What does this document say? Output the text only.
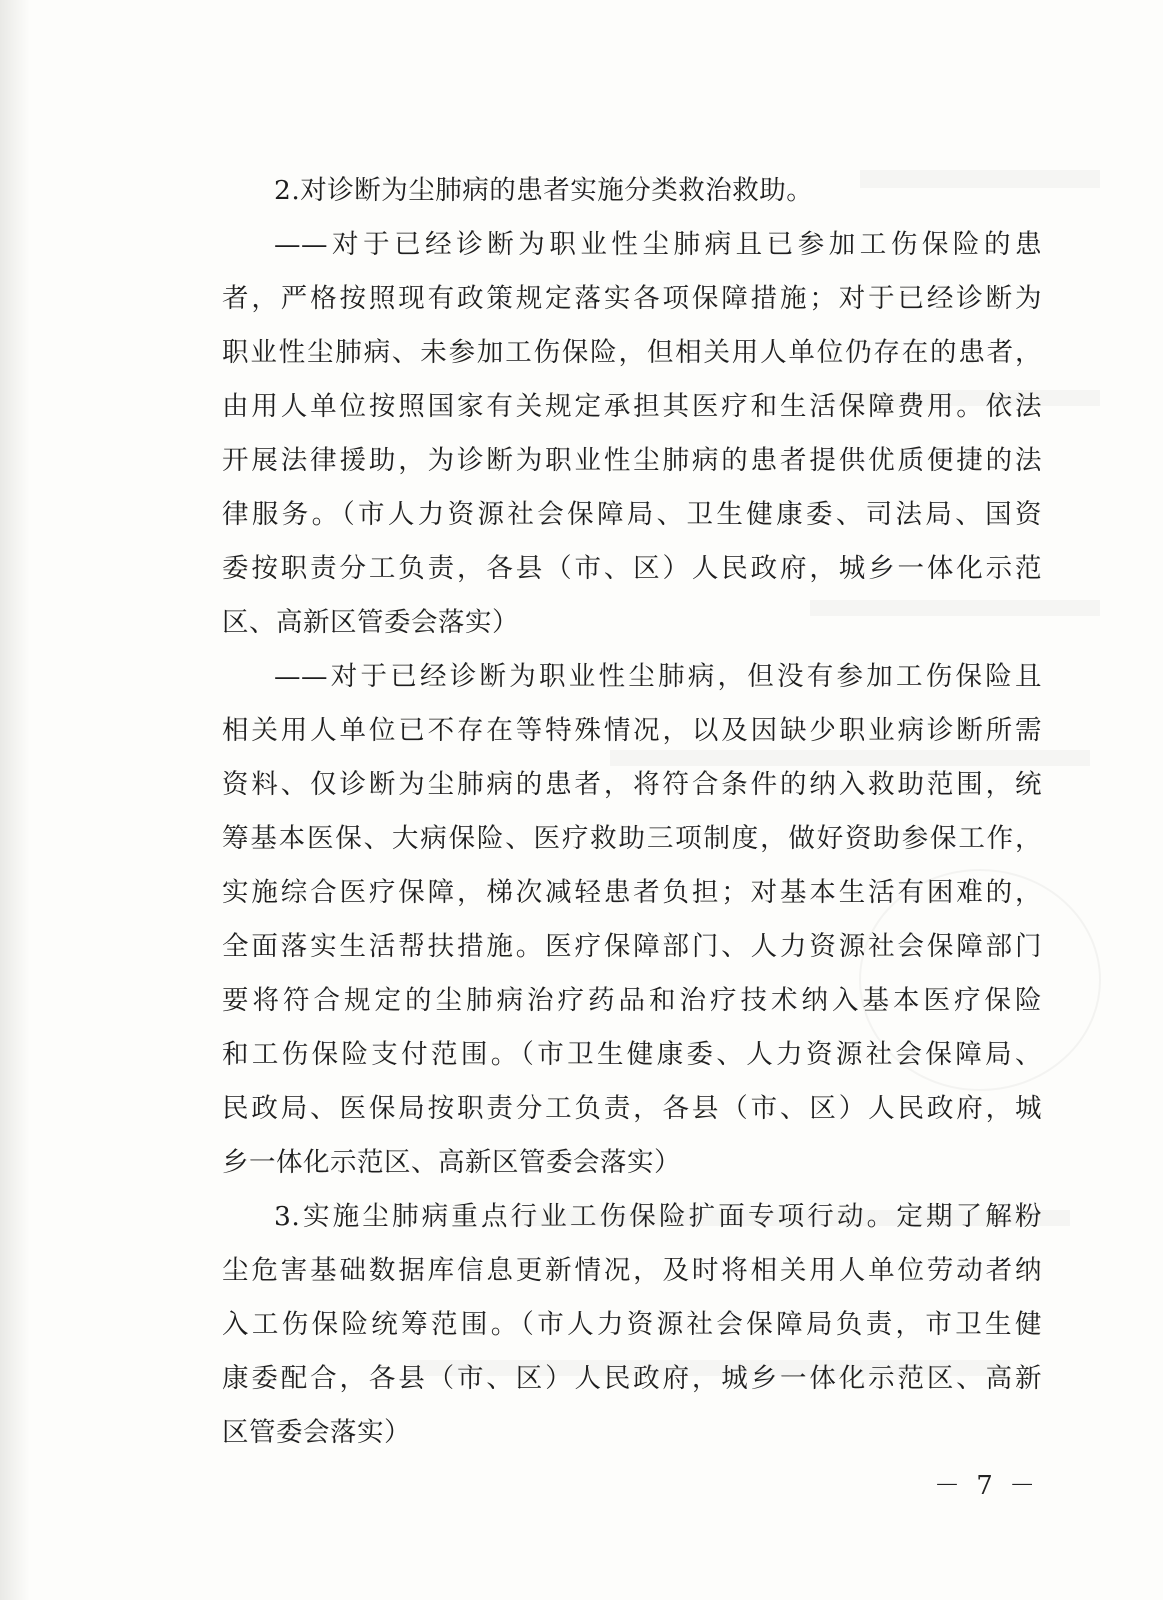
2.对诊断为尘肺病的患者实施分类救治救助。
——对于已经诊断为职业性尘肺病且已参加工伤保险的患
者，严格按照现有政策规定落实各项保障措施；对于已经诊断为
职业性尘肺病、未参加工伤保险，但相关用人单位仍存在的患者，
由用人单位按照国家有关规定承担其医疗和生活保障费用。依法
开展法律援助，为诊断为职业性尘肺病的患者提供优质便捷的法
律服务。（市人力资源社会保障局、卫生健康委、司法局、国资
委按职责分工负责，各县（市、区）人民政府，城乡一体化示范
区、高新区管委会落实）
——对于已经诊断为职业性尘肺病，但没有参加工伤保险且
相关用人单位已不存在等特殊情况，以及因缺少职业病诊断所需
资料、仅诊断为尘肺病的患者，将符合条件的纳入救助范围，统
筹基本医保、大病保险、医疗救助三项制度，做好资助参保工作，
实施综合医疗保障，梯次减轻患者负担；对基本生活有困难的，
全面落实生活帮扶措施。医疗保障部门、人力资源社会保障部门
要将符合规定的尘肺病治疗药品和治疗技术纳入基本医疗保险
和工伤保险支付范围。（市卫生健康委、人力资源社会保障局、
民政局、医保局按职责分工负责，各县（市、区）人民政府，城
乡一体化示范区、高新区管委会落实）
3.实施尘肺病重点行业工伤保险扩面专项行动。定期了解粉
尘危害基础数据库信息更新情况，及时将相关用人单位劳动者纳
入工伤保险统筹范围。（市人力资源社会保障局负责，市卫生健
康委配合，各县（市、区）人民政府，城乡一体化示范区、高新
区管委会落实）
－ 7 －
